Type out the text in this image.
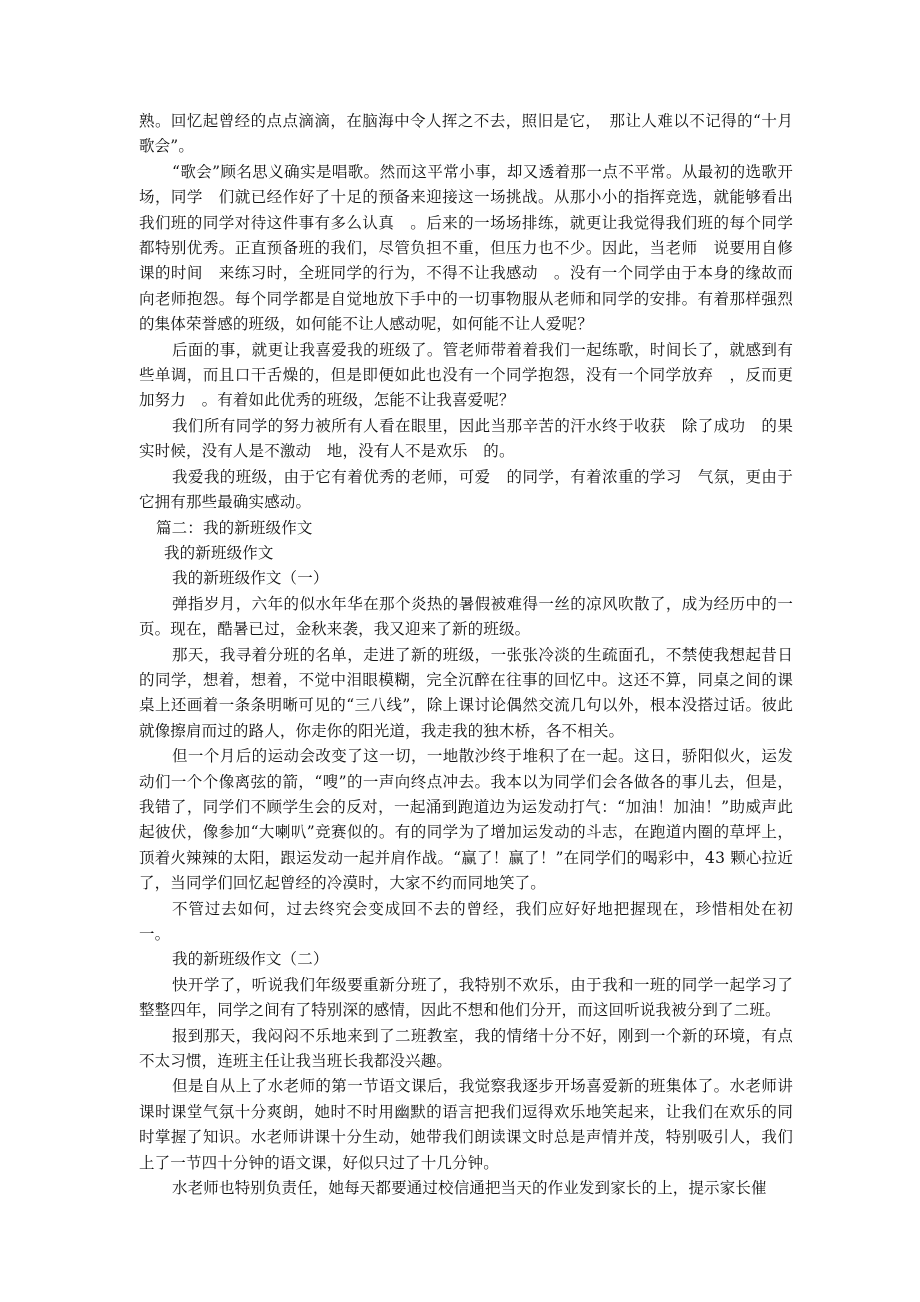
熟。回忆起曾经的点点滴滴，在脑海中令人挥之不去，照旧是它，　那让人难以不记得的“十月歌会”。

“歌会”顾名思义确实是唱歌。然而这平常小事，却又透着那一点不平常。从最初的选歌开场，同学　们就已经作好了十足的预备来迎接这一场挑战。从那小小的指挥竞选，就能够看出我们班的同学对待这件事有多么认真　。后来的一场场排练，就更让我觉得我们班的每个同学都特别优秀。正直预备班的我们，尽管负担不重，但压力也不少。因此，当老师　说要用自修课的时间　来练习时，全班同学的行为，不得不让我感动　。没有一个同学由于本身的缘故而向老师抱怨。每个同学都是自觉地放下手中的一切事物服从老师和同学的安排。有着那样强烈的集体荣誉感的班级，如何能不让人感动呢，如何能不让人爱呢？

后面的事，就更让我喜爱我的班级了。管老师带着着我们一起练歌，时间长了，就感到有些单调，而且口干舌燥的，但是即便如此也没有一个同学抱怨，没有一个同学放弃　，反而更加努力　。有着如此优秀的班级，怎能不让我喜爱呢？

我们所有同学的努力被所有人看在眼里，因此当那辛苦的汗水终于收获　除了成功　的果实时候，没有人是不激动　地，没有人不是欢乐　的。

我爱我的班级，由于它有着优秀的老师，可爱　的同学，有着浓重的学习　气氛，更由于它拥有那些最确实感动。

篇二：我的新班级作文

我的新班级作文

我的新班级作文（一）

弹指岁月，六年的似水年华在那个炎热的暑假被难得一丝的凉风吹散了，成为经历中的一页。现在，酷暑已过，金秋来袭，我又迎来了新的班级。

那天，我寻着分班的名单，走进了新的班级，一张张冷淡的生疏面孔，不禁使我想起昔日的同学，想着，想着，不觉中泪眼模糊，完全沉醉在往事的回忆中。这还不算，同桌之间的课桌上还画着一条条明晰可见的“三八线”，除上课讨论偶然交流几句以外，根本没搭过话。彼此就像擦肩而过的路人，你走你的阳光道，我走我的独木桥，各不相关。

但一个月后的运动会改变了这一切，一地散沙终于堆积了在一起。这日，骄阳似火，运发动们一个个像离弦的箭，“嗖”的一声向终点冲去。我本以为同学们会各做各的事儿去，但是，我错了，同学们不顾学生会的反对，一起涌到跑道边为运发动打气：“加油！加油！”助威声此起彼伏，像参加“大喇叭”竞赛似的。有的同学为了增加运发动的斗志，在跑道内圈的草坪上，顶着火辣辣的太阳，跟运发动一起并肩作战。“赢了！赢了！”在同学们的喝彩中，43 颗心拉近了，当同学们回忆起曾经的冷漠时，大家不约而同地笑了。

不管过去如何，过去终究会变成回不去的曾经，我们应好好地把握现在，珍惜相处在初一。

我的新班级作文（二）

快开学了，听说我们年级要重新分班了，我特别不欢乐，由于我和一班的同学一起学习了整整四年，同学之间有了特别深的感情，因此不想和他们分开，而这回听说我被分到了二班。

报到那天，我闷闷不乐地来到了二班教室，我的情绪十分不好，刚到一个新的环境，有点不太习惯，连班主任让我当班长我都没兴趣。

但是自从上了水老师的第一节语文课后，我觉察我逐步开场喜爱新的班集体了。水老师讲课时课堂气氛十分爽朗，她时不时用幽默的语言把我们逗得欢乐地笑起来，让我们在欢乐的同时掌握了知识。水老师讲课十分生动，她带我们朗读课文时总是声情并茂，特别吸引人，我们上了一节四十分钟的语文课，好似只过了十几分钟。

水老师也特别负责任，她每天都要通过校信通把当天的作业发到家长的上，提示家长催
